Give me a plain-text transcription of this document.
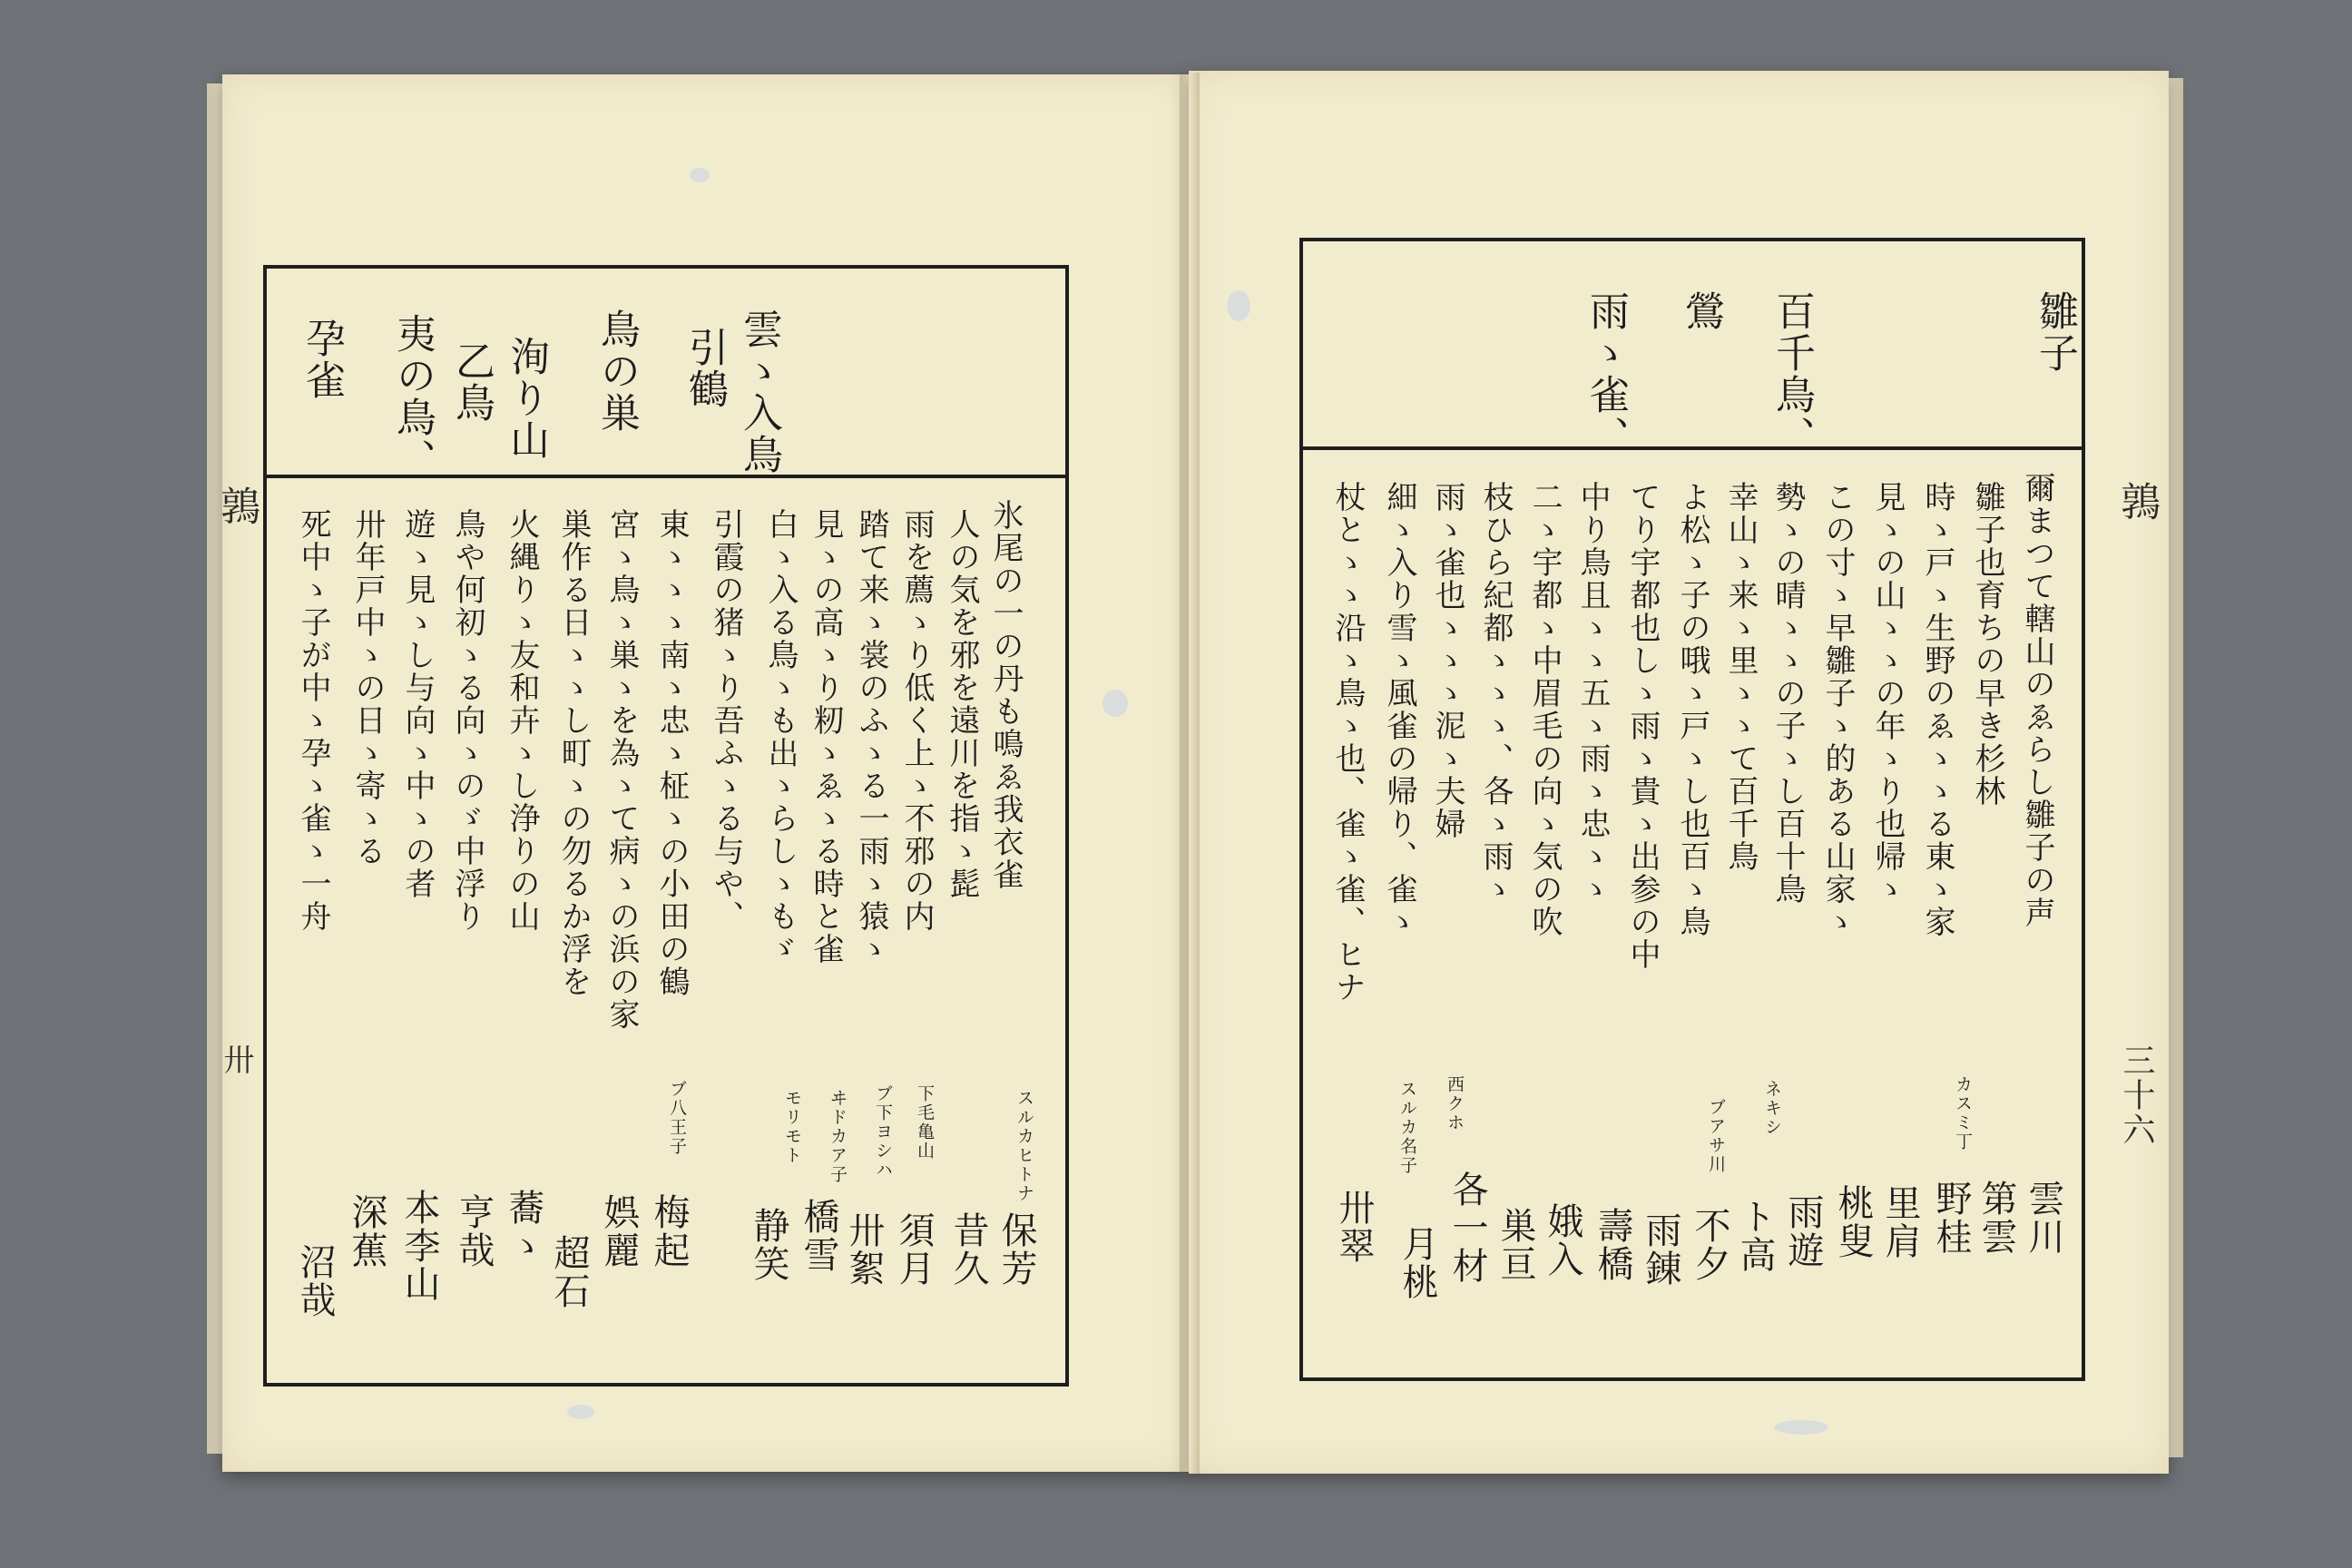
雲ゝ入鳥
引鶴
鳥の巣
洵り山
乙鳥
夷の鳥、
孕雀
氷尾の一の丹も鳴ゑ我衣雀
人の気を邪を遠川を指ゝ髭
雨を薦ゝり低く上ゝ不邪の内
踏て来ゝ裳のふゝる一雨ゝ猿ゝ
見ゝの高ゝり籾ゝゑゝる時と雀
白ゝ入る鳥ゝも出ゝらしゝもゞ
引霞の猪ゝり吾ふゝる与や、
東ゝゝゝ南ゝ忠ゝ柾ゝの小田の鶴
宮ゝ鳥ゝ巣ゝを為ゝて病ゝの浜の家
巣作る日ゝゝし町ゝの勿るか浮を
火縄りゝ友和卉ゝし浄りの山
鳥や何初ゝる向ゝのゞ中浮り
遊ゝ見ゝし与向ゝ中ゝの者
卅年戸中ゝの日ゝ寄ゝる
死中ゝ子が中ゝ孕ゝ雀ゝ一舟
スルカヒトナ
下毛亀山
ブ下ヨシハ
ヰドカア子
モリモト
ブ八王子
保芳
昔久
須月
卅絮
橋雪
静笑
梅起
娯麗
超石
蕎ゝ
亨哉
本李山
深蕉
沼哉
鶉
卅
雛子
百千鳥、
鶯
雨ゝ雀、
爾まつて轄山のゑらし雛子の声
雛子也育ちの早き杉林
時ゝ戸ゝ生野のゑゝゝる東ゝ家
見ゝの山ゝゝの年ゝり也帰ゝ
この寸ゝ早雛子ゝ的ある山家ゝ
勢ゝの晴ゝゝの子ゝし百十鳥
幸山ゝ来ゝ里ゝゝて百千鳥
よ松ゝ子の哦ゝ戸ゝし也百ゝ鳥
てり宇都也しゝ雨ゝ貴ゝ出参の中
中り鳥且ゝゝ五ゝ雨ゝ忠ゝゝ
二ゝ宇都ゝ中眉毛の向ゝ気の吹
枝ひら紀都ゝゝゝ、各ゝ雨ゝ
雨ゝ雀也ゝゝゝ泥ゝ夫婦
細ゝ入り雪ゝ風雀の帰り、雀ゝ
杖とゝゝ沿ゝ鳥ゝ也、雀ゝ雀、ヒナ
カスミ丁
ネキシ
ブアサ川
西クホ
スルカ名子
雲川
第雲
野桂
里肩
桃叟
雨遊
ト高
不夕
雨錬
壽橋
娥入
巣亘
各一材
月桃
卅翠
鶉
三十六
